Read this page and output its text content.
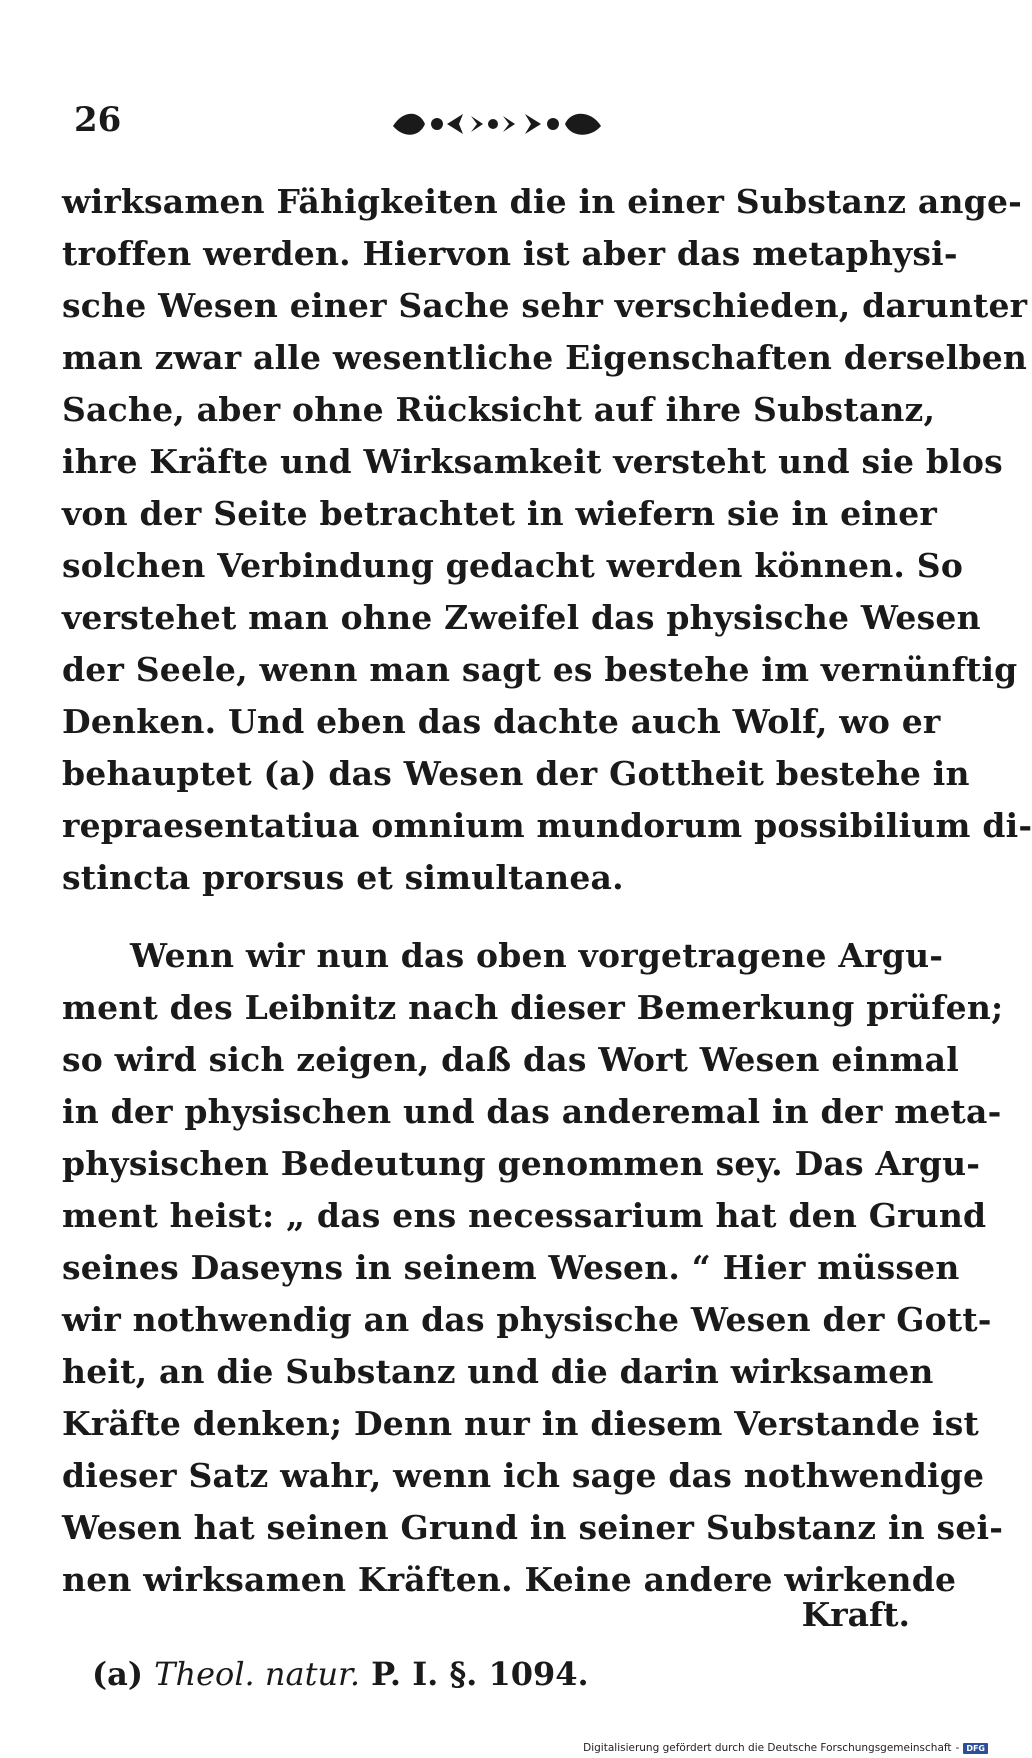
26
wirksamen Fähigkeiten die in einer Substanz ange-
troffen werden. Hiervon ist aber das metaphysi-
sche Wesen einer Sache sehr verschieden, darunter
man zwar alle wesentliche Eigenschaften derselben
Sache, aber ohne Rücksicht auf ihre Substanz,
ihre Kräfte und Wirksamkeit versteht und sie blos
von der Seite betrachtet in wiefern sie in einer
solchen Verbindung gedacht werden können. So
verstehet man ohne Zweifel das physische Wesen
der Seele, wenn man sagt es bestehe im vernünftig
Denken. Und eben das dachte auch Wolf, wo er
behauptet (a) das Wesen der Gottheit bestehe in
repraesentatiua omnium mundorum possibilium di-
stincta prorsus et simultanea.
Wenn wir nun das oben vorgetragene Argu-
ment des Leibnitz nach dieser Bemerkung prüfen;
so wird sich zeigen, daß das Wort Wesen einmal
in der physischen und das anderemal in der meta-
physischen Bedeutung genommen sey. Das Argu-
ment heist: „ das ens necessarium hat den Grund
seines Daseyns in seinem Wesen. “ Hier müssen
wir nothwendig an das physische Wesen der Gott-
heit, an die Substanz und die darin wirksamen
Kräfte denken; Denn nur in diesem Verstande ist
dieser Satz wahr, wenn ich sage das nothwendige
Wesen hat seinen Grund in seiner Substanz in sei-
nen wirksamen Kräften. Keine andere wirkende
Kraft.
(a) Theol. natur. P. I. §. 1094.
Digitalisierung gefördert durch die Deutsche Forschungsgemeinschaft - DFG
